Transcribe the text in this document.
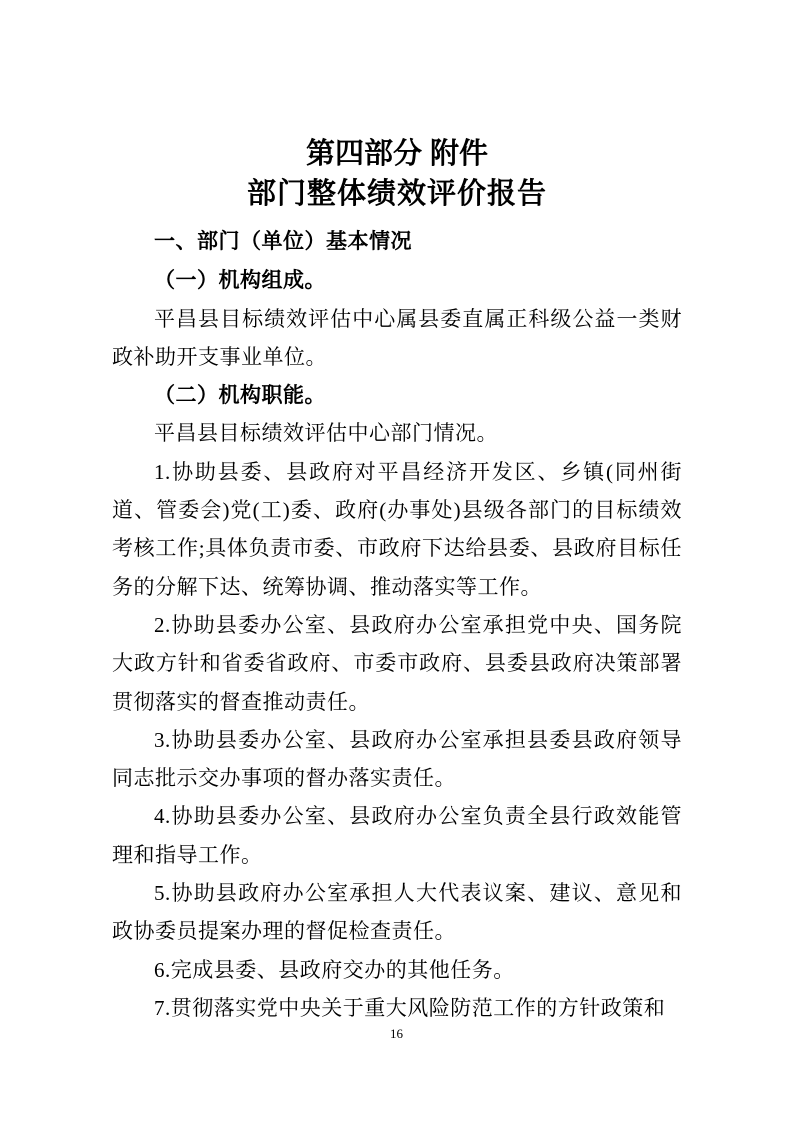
第四部分 附件
部门整体绩效评价报告
一、部门（单位）基本情况
（一）机构组成。

平昌县目标绩效评估中心属县委直属正科级公益一类财政补助开支事业单位。

（二）机构职能。

平昌县目标绩效评估中心部门情况。

1.协助县委、县政府对平昌经济开发区、乡镇(同州街道、管委会)党(工)委、政府(办事处)县级各部门的目标绩效考核工作;具体负责市委、市政府下达给县委、县政府目标任务的分解下达、统筹协调、推动落实等工作。

2.协助县委办公室、县政府办公室承担党中央、国务院大政方针和省委省政府、市委市政府、县委县政府决策部署贯彻落实的督查推动责任。

3.协助县委办公室、县政府办公室承担县委县政府领导同志批示交办事项的督办落实责任。

4.协助县委办公室、县政府办公室负责全县行政效能管理和指导工作。

5.协助县政府办公室承担人大代表议案、建议、意见和政协委员提案办理的督促检查责任。

6.完成县委、县政府交办的其他任务。

7.贯彻落实党中央关于重大风险防范工作的方针政策和

16
